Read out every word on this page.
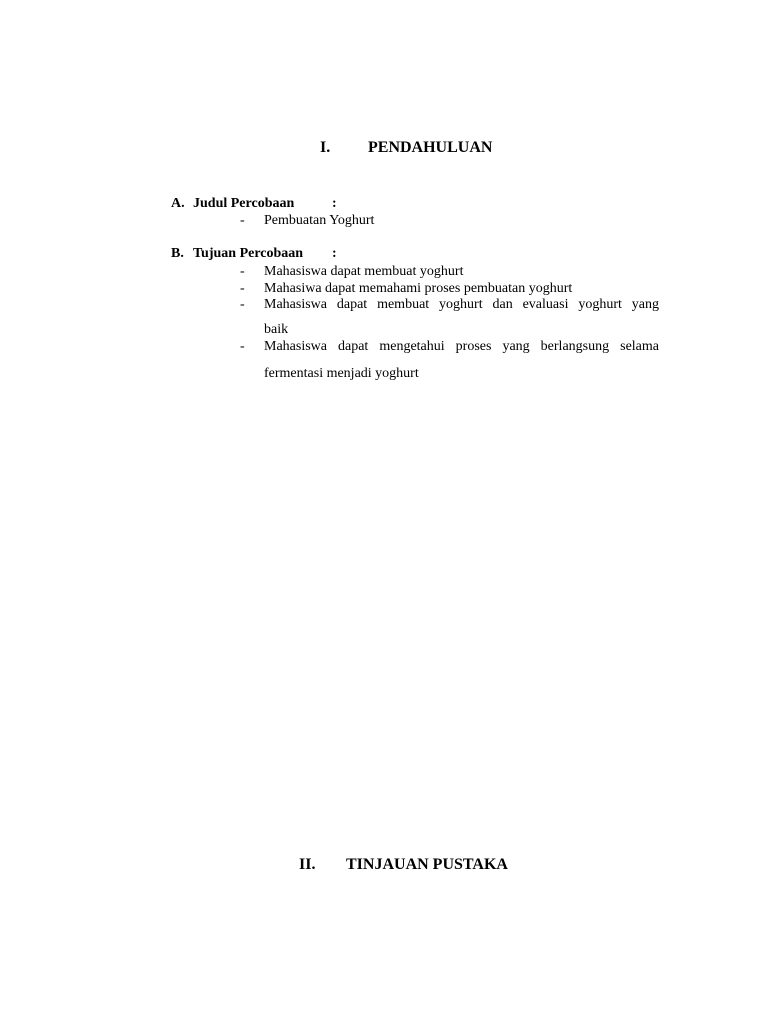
I. PENDAHULUAN
A. Judul Percobaan	:
- Pembuatan Yoghurt
B. Tujuan Percobaan :
- Mahasiswa dapat membuat yoghurt
- Mahasiwa dapat memahami proses pembuatan yoghurt
- Mahasiswa dapat membuat yoghurt dan evaluasi yoghurt yang
baik
- Mahasiswa dapat mengetahui proses yang berlangsung selama
fermentasi menjadi yoghurt
II. TINJAUAN PUSTAKA
